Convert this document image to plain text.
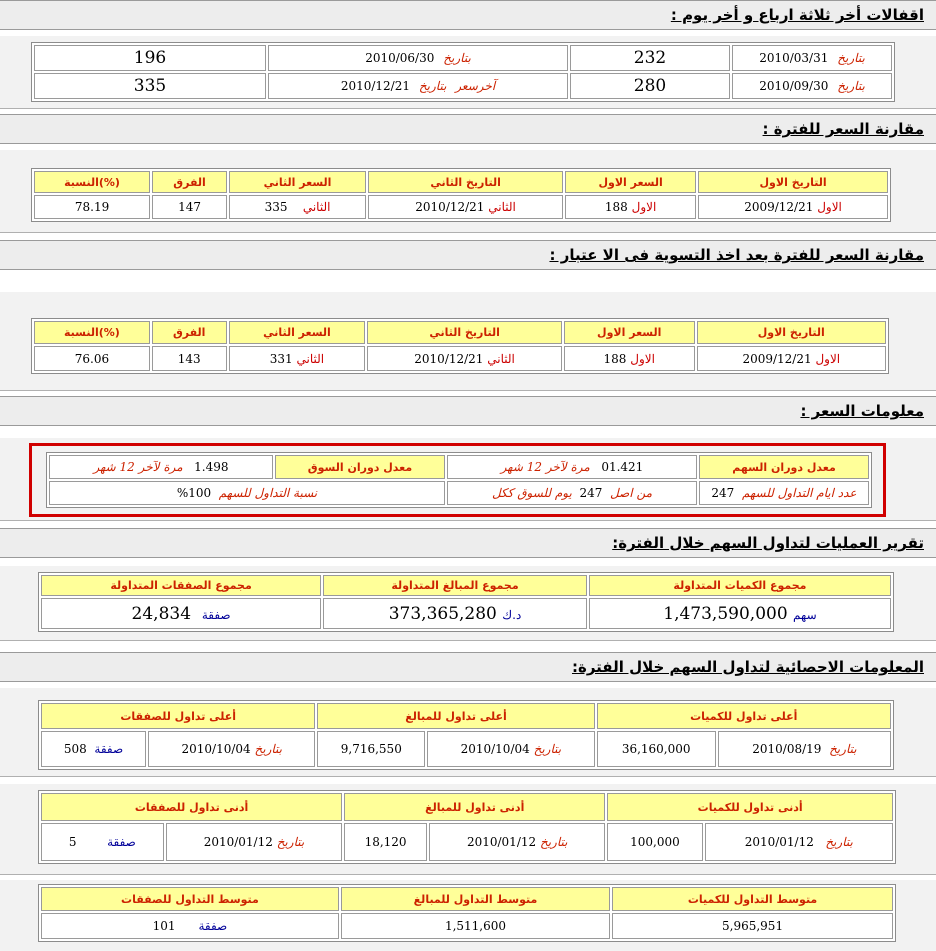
اقفالات أخر ثلاثة ارباع و أخر يوم :
بتاريخ  2010/03/31	232	بتاريخ  2010/06/30	196
بتاريخ  2010/09/30	280	آخرسعر  بتاريخ  2010/12/21	335
مقارنة السعر للفترة :
التاريخ الاول	السعر الاول	التاريخ الثاني	السعر الثاني	الفرق	(%)النسبة
الاول 2009/12/21	الاول 188	الثاني 2010/12/21	الثاني    335	147	78.19
مقارنة السعر للفترة بعد اخذ التسوية فى الا عتبار :
التاريخ الاول	السعر الاول	التاريخ الثاني	السعر الثاني	الفرق	(%)النسبة
الاول 2009/12/21	الاول 188	الثاني 2010/12/21	الثاني 331	143	76.06
معلومات السعر :
معدل دوران السهم	01.421   مرة لآخر 12 شهر	معدل دوران السوق	1.498   مرة لآخر 12 شهر
عدد ايام التداول للسهم  247	من اصل  247  يوم للسوق ككل	نسبة التداول للسهم  100%	
تقرير العمليات لتداول السهم خلال الفترة:
مجموع الكميات المتداولة	مجموع المبالغ المتداولة	مجموع الصفقات المتداولة
سهم 1,473,590,000	د.ك 373,365,280	صفقة  24,834
المعلومات الاحصائية لتداول السهم خلال الفترة:
أعلى تداول للكميات		أعلى تداول للمبالغ		أعلى تداول للصفقات	
بتاريخ  2010/08/19	36,160,000	بتاريخ 2010/10/04	9,716,550	بتاريخ 2010/10/04	صفقة  508
أدنى تداول للكميات		أدنى تداول للمبالغ		أدنى تداول للصفقات	
بتاريخ   2010/01/12	100,000	بتاريخ 2010/01/12	18,120	بتاريخ 2010/01/12	صفقة        5
متوسط التداول للكميات	متوسط التداول للمبالغ	متوسط التداول للصفقات
5,965,951	1,511,600	صفقة      101
